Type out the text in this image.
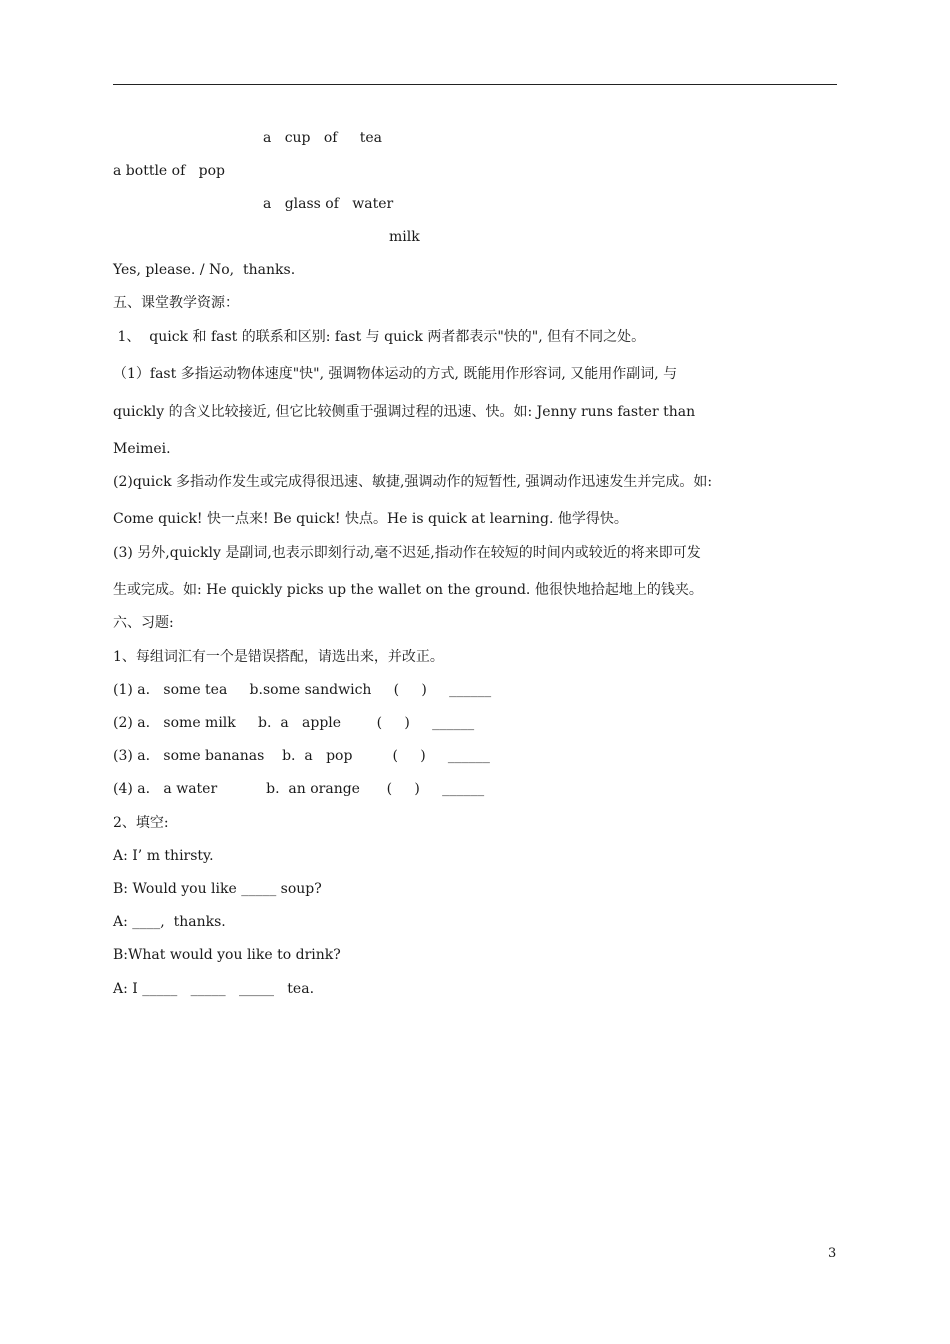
a   cup   of     tea
a bottle of   pop
a   glass of   water
milk
Yes, please. / No,  thanks.
五、课堂教学资源：
1、  quick 和 fast 的联系和区别: fast 与 quick 两者都表示"快的", 但有不同之处。
（1）fast 多指运动物体速度"快", 强调物体运动的方式, 既能用作形容词, 又能用作副词, 与
quickly 的含义比较接近, 但它比较侧重于强调过程的迅速、快。如: Jenny runs faster than
Meimei.
(2)quick 多指动作发生或完成得很迅速、敏捷,强调动作的短暂性, 强调动作迅速发生并完成。如:
Come quick! 快一点来! Be quick! 快点。He is quick at learning. 他学得快。
(3) 另外,quickly 是副词,也表示即刻行动,毫不迟延,指动作在较短的时间内或较近的将来即可发
生或完成。如: He quickly picks up the wallet on the ground. 他很快地拾起地上的钱夹。
六、习题:
1、每组词汇有一个是错误搭配，请选出来，并改正。
(1) a.   some tea     b.some sandwich     (     )     ______
(2) a.   some milk     b.  a   apple        (     )     ______
(3) a.   some bananas    b.  a   pop         (     )     ______
(4) a.   a water           b.  an orange      (     )     ______
2、填空:
A: I’ m thirsty.
B: Would you like _____ soup?
A: ____,  thanks.
B:What would you like to drink?
A: I _____   _____   _____   tea.
3
